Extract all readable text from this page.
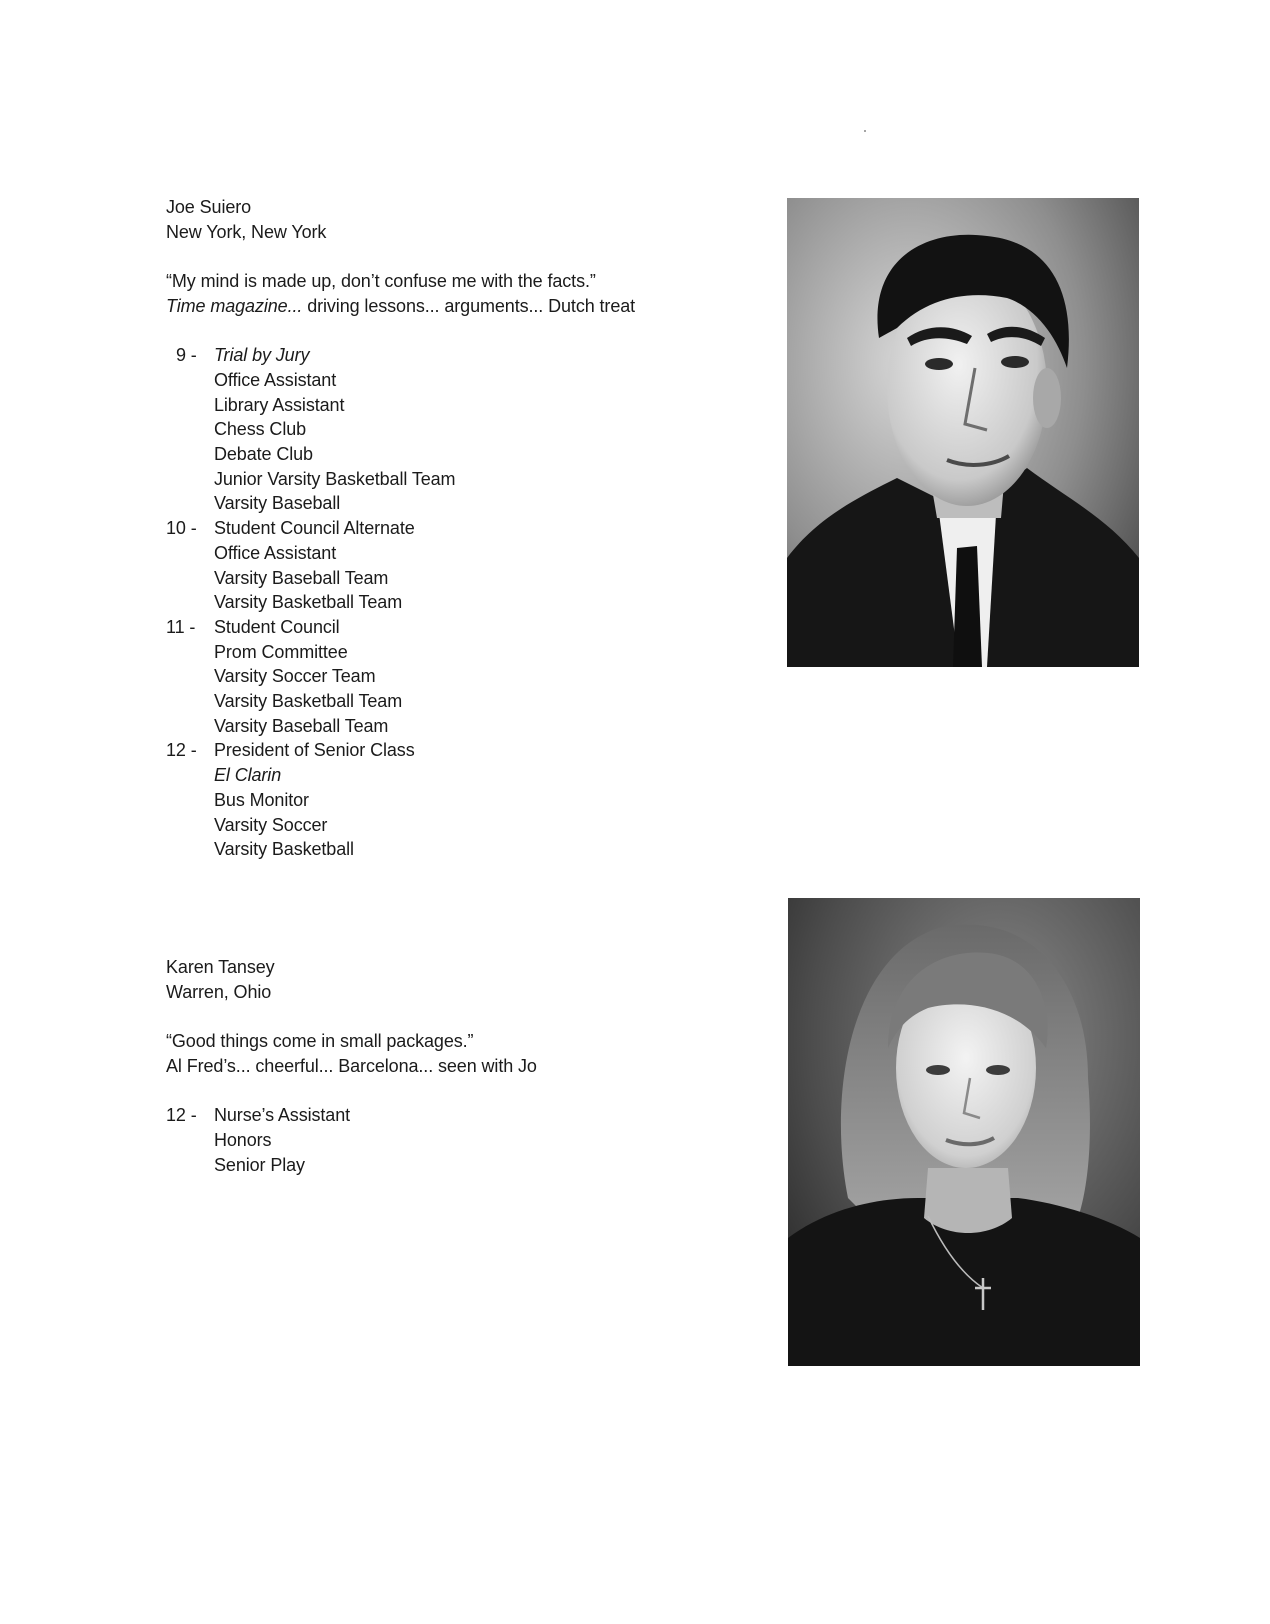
Joe Suiero
New York, New York
“My mind is made up, don’t confuse me with the facts.”
Time magazine... driving lessons... arguments... Dutch treat
9 - Trial by Jury
Office Assistant
Library Assistant
Chess Club
Debate Club
Junior Varsity Basketball Team
Varsity Baseball
10 - Student Council Alternate
Office Assistant
Varsity Baseball Team
Varsity Basketball Team
11 -	Student Council
Prom Committee
Varsity Soccer Team
Varsity Basketball Team
Varsity Baseball Team
12 - President of Senior Class
El Clarin
Bus Monitor
Varsity Soccer
Varsity Basketball
Karen Tansey
Warren, Ohio
“Good things come in small packages.”
Al Fred’s... cheerful... Barcelona... seen with Jo
12 - Nurse’s Assistant
Honors
Senior Play
